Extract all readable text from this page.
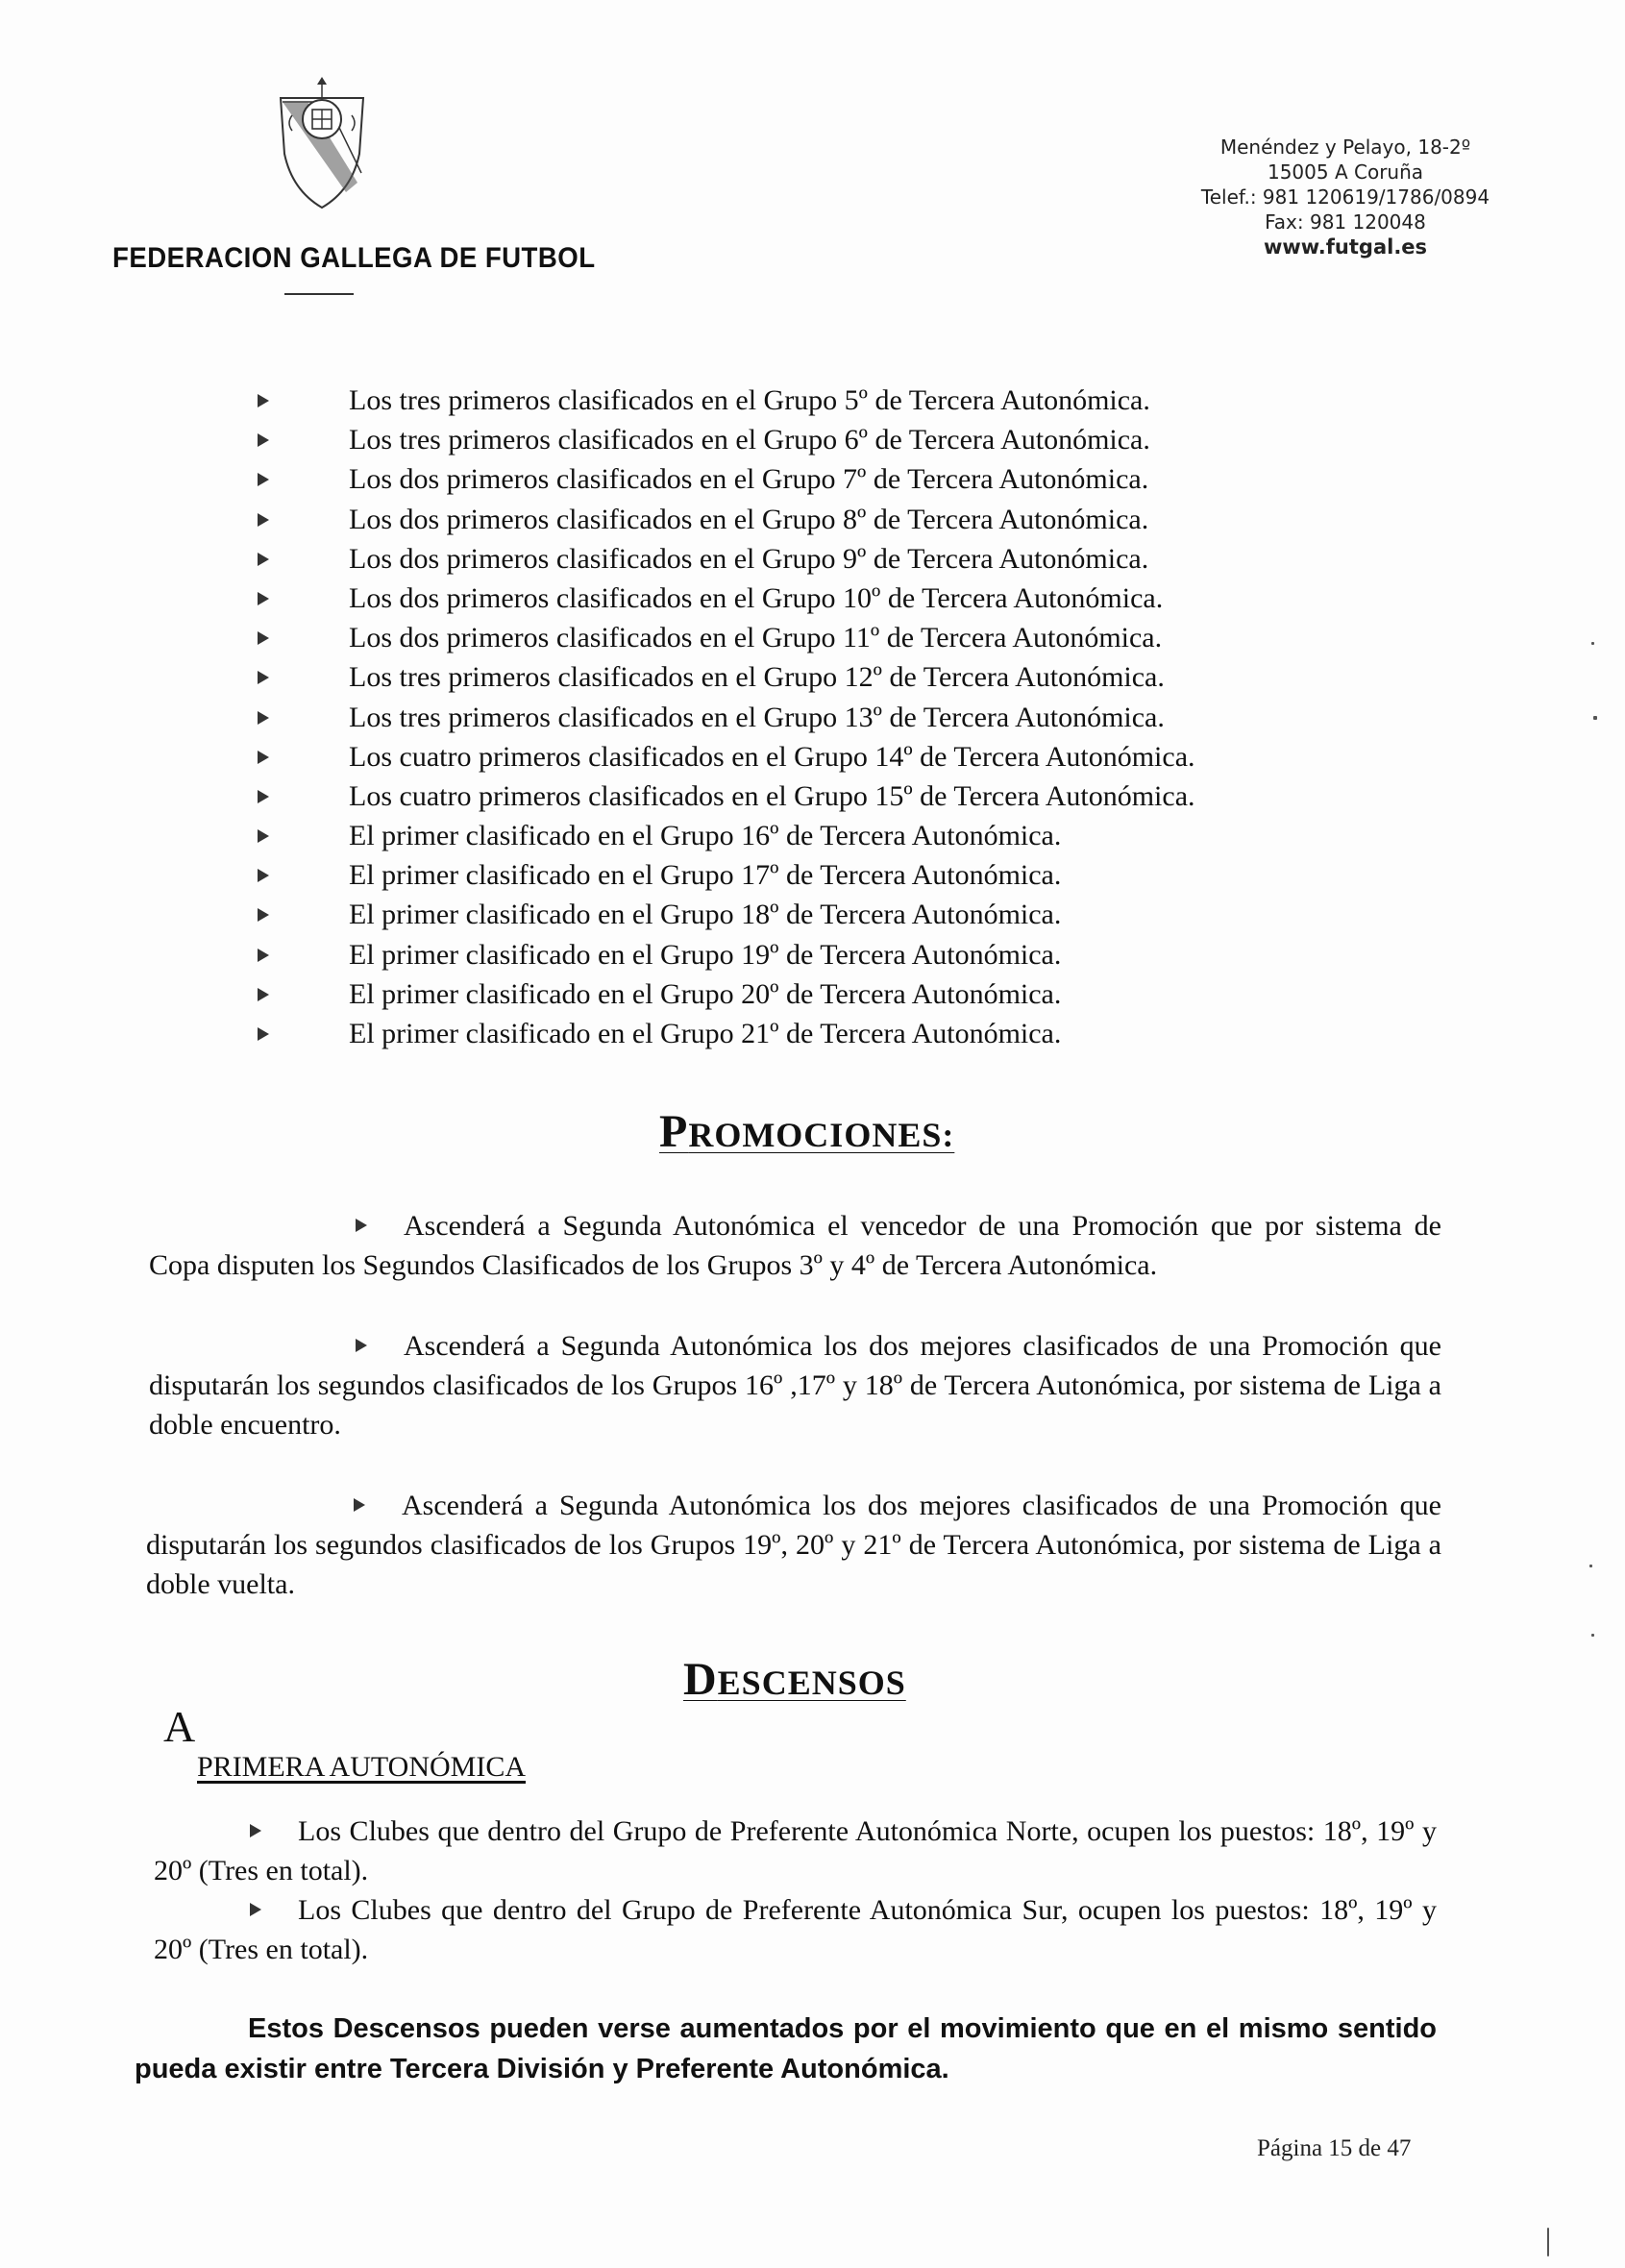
FEDERACION GALLEGA DE FUTBOL
Menéndez y Pelayo, 18-2º
15005 A Coruña
Telef.: 981 120619/1786/0894
Fax: 981 120048
www.futgal.es
Los tres primeros clasificados en el Grupo 5º de Tercera Autonómica.
Los tres primeros clasificados en el Grupo 6º de Tercera Autonómica.
Los dos primeros clasificados en el Grupo 7º de Tercera Autonómica.
Los dos primeros clasificados en el Grupo 8º de Tercera Autonómica.
Los dos primeros clasificados en el Grupo 9º de Tercera Autonómica.
Los dos primeros clasificados en el Grupo 10º de Tercera Autonómica.
Los dos primeros clasificados en el Grupo 11º de Tercera Autonómica.
Los tres primeros clasificados en el Grupo 12º de Tercera Autonómica.
Los tres primeros clasificados en el Grupo 13º de Tercera Autonómica.
Los cuatro primeros clasificados en el Grupo 14º de Tercera Autonómica.
Los cuatro primeros clasificados en el Grupo 15º de Tercera Autonómica.
El primer clasificado en el Grupo 16º de Tercera Autonómica.
El primer clasificado en el Grupo 17º de Tercera Autonómica.
El primer clasificado en el Grupo 18º de Tercera Autonómica.
El primer clasificado en el Grupo 19º de Tercera Autonómica.
El primer clasificado en el Grupo 20º de Tercera Autonómica.
El primer clasificado en el Grupo 21º de Tercera Autonómica.
PROMOCIONES:
Ascenderá a Segunda Autonómica el vencedor de una Promoción que por sistema de Copa disputen los Segundos Clasificados de los Grupos 3º y 4º de Tercera Autonómica.
Ascenderá a Segunda Autonómica los dos mejores clasificados de una Promoción que disputarán los segundos clasificados de los Grupos 16º ,17º y 18º de Tercera Autonómica, por sistema de Liga a doble encuentro.
Ascenderá a Segunda Autonómica los dos mejores clasificados de una Promoción que disputarán los segundos clasificados de los Grupos 19º, 20º y 21º de Tercera Autonómica, por sistema de Liga a doble vuelta.
DESCENSOS
A
PRIMERA AUTONÓMICA
Los Clubes que dentro del Grupo de Preferente Autonómica Norte, ocupen los puestos: 18º, 19º y 20º (Tres en total).
Los Clubes que dentro del Grupo de Preferente Autonómica Sur, ocupen los puestos: 18º, 19º y 20º (Tres en total).
Estos Descensos pueden verse aumentados por el movimiento que en el mismo sentido pueda existir entre Tercera División y Preferente Autonómica.
Página 15 de 47
